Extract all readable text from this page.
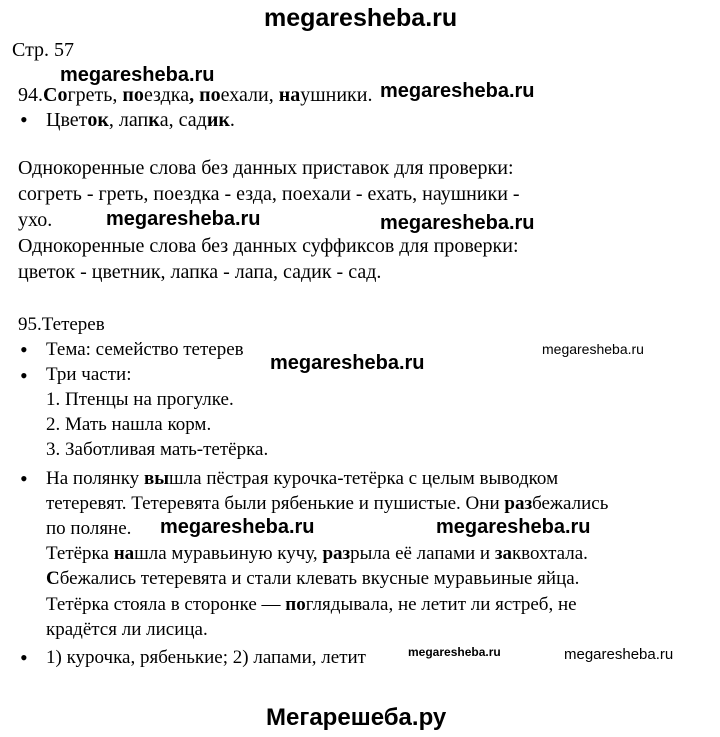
megaresheba.ru
Стр. 57
megaresheba.ru
megaresheba.ru
94.Согреть, поездка, поехали, наушники.
• Цветок, лапка, садик.
Однокоренные слова без данных приставок для проверки:
согреть - греть, поездка - езда, поехали - ехать, наушники -
ухо.	megaresheba.ru	megaresheba.ru
Однокоренные слова без данных суффиксов для проверки:
цветок - цветник, лапка - лапа, садик - сад.
95.Тетерев
• Тема: семейство тетерев
megaresheba.ru
megaresheba.ru
• Три части:
1. Птенцы на прогулке.
2. Мать нашла корм.
3. Заботливая мать-тетёрка.
• На полянку вышла пёстрая курочка-тетёрка с целым выводком
тетеревят. Тетеревята были рябенькие и пушистые. Они разбежались
по поляне. megaresheba.ru	megaresheba.ru
Тетёрка нашла муравьиную кучу, разрыла её лапами и заквохтала.
Сбежались тетеревята и стали клевать вкусные муравьиные яйца.
Тетёрка стояла в сторонке — поглядывала, не летит ли ястреб, не
крадётся ли лисица.
• 1) курочка, рябенькие; 2) лапами, летит	megaresheba.ru	megaresheba.ru
Мегарешеба.ру
